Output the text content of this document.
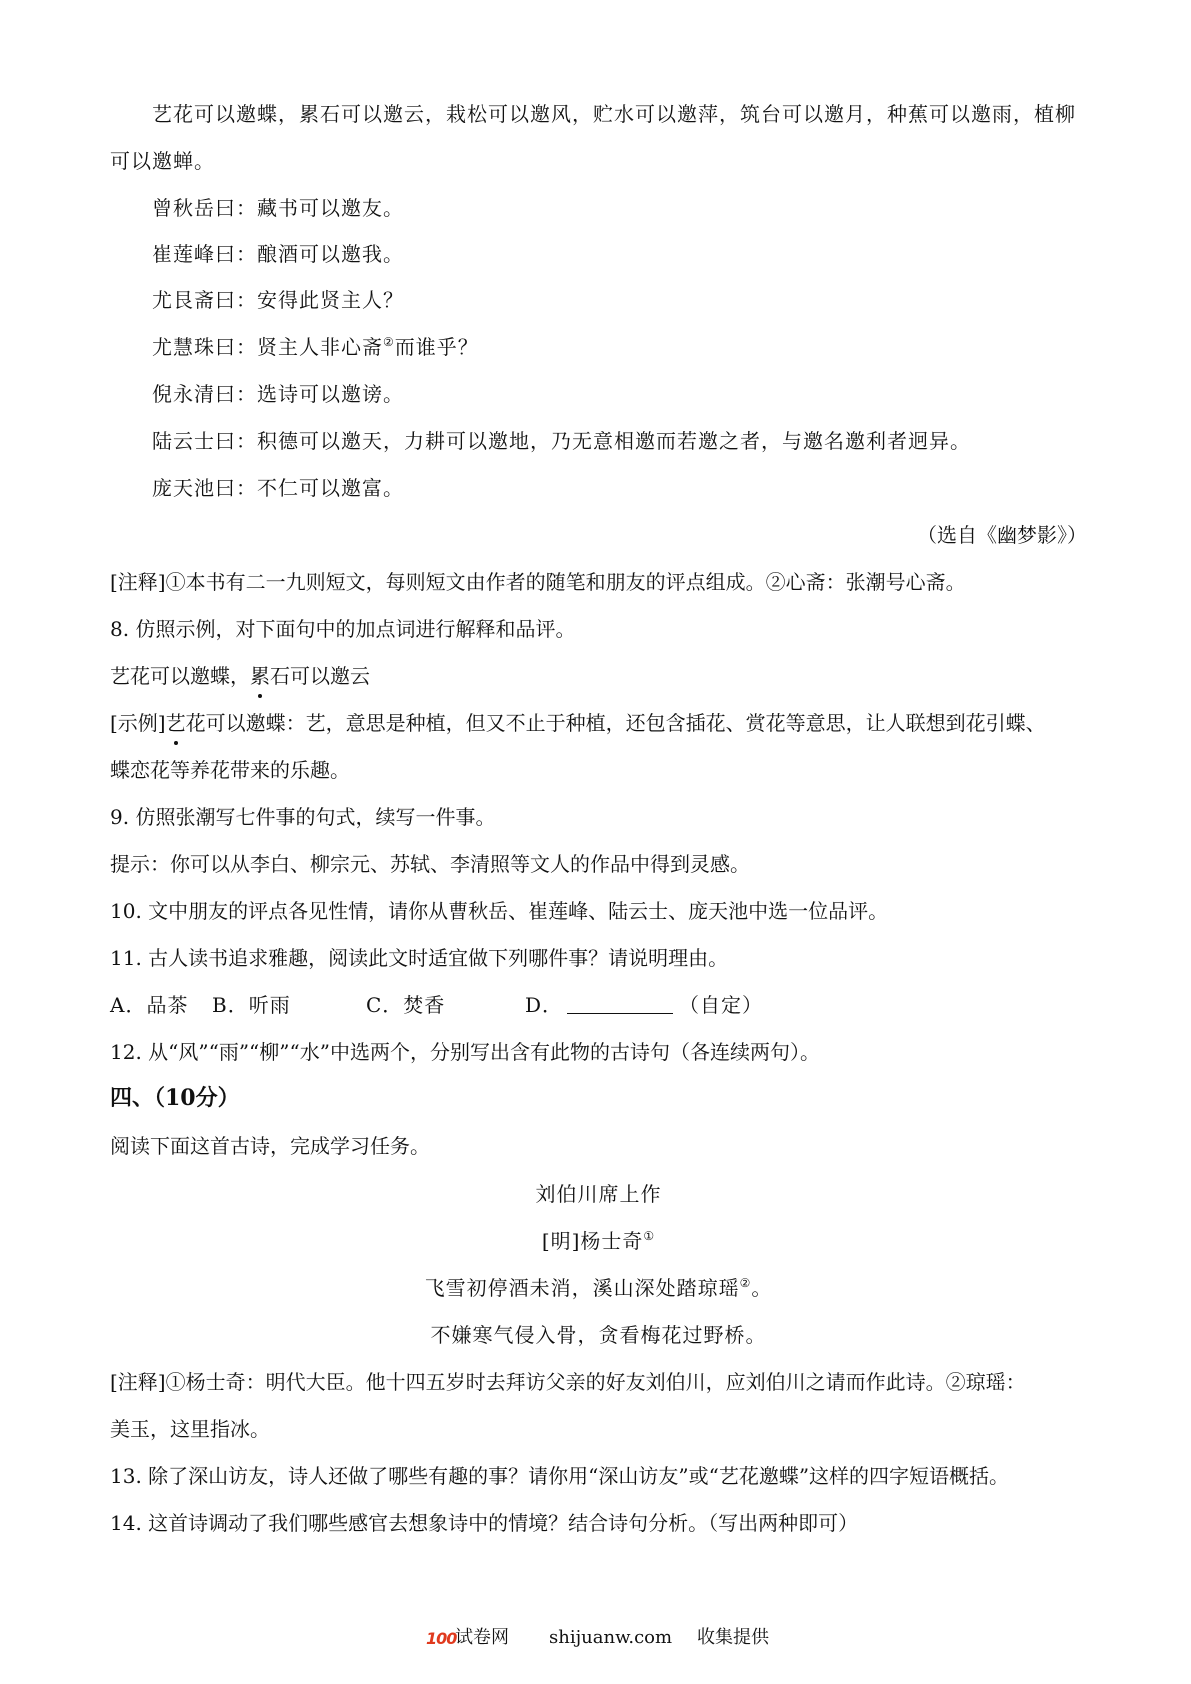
艺花可以邀蝶，累石可以邀云，栽松可以邀风，贮水可以邀萍，筑台可以邀月，种蕉可以邀雨，植柳
可以邀蝉。
曾秋岳曰：藏书可以邀友。
崔莲峰曰：酿酒可以邀我。
尤艮斋曰：安得此贤主人？
尤慧珠曰：贤主人非心斋②而谁乎？
倪永清曰：选诗可以邀谤。
陆云士曰：积德可以邀天，力耕可以邀地，乃无意相邀而若邀之者，与邀名邀利者迥异。
庞天池曰：不仁可以邀富。
（选自《幽梦影》）
[注释]①本书有二一九则短文，每则短文由作者的随笔和朋友的评点组成。②心斋：张潮号心斋。
8. 仿照示例，对下面句中的加点词进行解释和品评。
艺花可以邀蝶，累石可以邀云
[示例]艺花可以邀蝶：艺，意思是种植，但又不止于种植，还包含插花、赏花等意思，让人联想到花引蝶、
蝶恋花等养花带来的乐趣。
9. 仿照张潮写七件事的句式，续写一件事。
提示：你可以从李白、柳宗元、苏轼、李清照等文人的作品中得到灵感。
10. 文中朋友的评点各见性情，请你从曹秋岳、崔莲峰、陆云士、庞天池中选一位品评。
11. 古人读书追求雅趣，阅读此文时适宜做下列哪件事？请说明理由。
A．品茶 B．听雨	C．焚香	D．	（自定）
12. 从“风”“雨”“柳”“水”中选两个，分别写出含有此物的古诗句（各连续两句）。
四、（10分）
阅读下面这首古诗，完成学习任务。
刘伯川席上作
[明]杨士奇①
飞雪初停酒未消，溪山深处踏琼瑶②。
不嫌寒气侵入骨，贪看梅花过野桥。
[注释]①杨士奇：明代大臣。他十四五岁时去拜访父亲的好友刘伯川，应刘伯川之请而作此诗。②琼瑶：
美玉，这里指冰。
13. 除了深山访友，诗人还做了哪些有趣的事？请你用“深山访友”或“艺花邀蝶”这样的四字短语概括。
14. 这首诗调动了我们哪些感官去想象诗中的情境？结合诗句分析。（写出两种即可）
100
试卷网 shijuanw.com 收集提供
